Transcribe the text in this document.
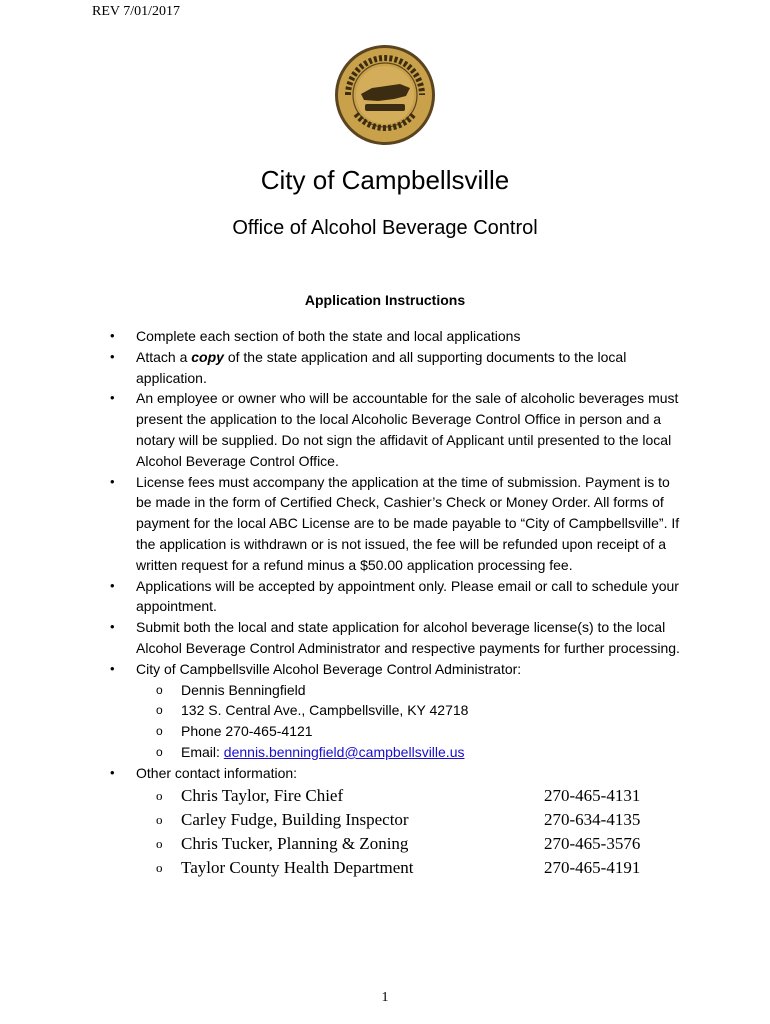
REV 7/01/2017
City of Campbellsville
Office of Alcohol Beverage Control
Application Instructions
• Complete each section of both the state and local applications
• Attach a copy of the state application and all supporting documents to the local application.
• An employee or owner who will be accountable for the sale of alcoholic beverages must present the application to the local Alcoholic Beverage Control Office in person and a notary will be supplied. Do not sign the affidavit of Applicant until presented to the local Alcohol Beverage Control Office.
• License fees must accompany the application at the time of submission. Payment is to be made in the form of Certified Check, Cashier’s Check or Money Order. All forms of payment for the local ABC License are to be made payable to “City of Campbellsville”. If the application is withdrawn or is not issued, the fee will be refunded upon receipt of a written request for a refund minus a $50.00 application processing fee.
• Applications will be accepted by appointment only. Please email or call to schedule your appointment.
• Submit both the local and state application for alcohol beverage license(s) to the local Alcohol Beverage Control Administrator and respective payments for further processing.
• City of Campbellsville Alcohol Beverage Control Administrator:
o Dennis Benningfield
o 132 S. Central Ave., Campbellsville, KY 42718
o Phone 270-465-4121
o Email: dennis.benningfield@campbellsville.us
• Other contact information:
o Chris Taylor, Fire Chief	270-465-4131
o Carley Fudge, Building Inspector	270-634-4135
o Chris Tucker, Planning & Zoning	270-465-3576
o Taylor County Health Department	270-465-4191
1
